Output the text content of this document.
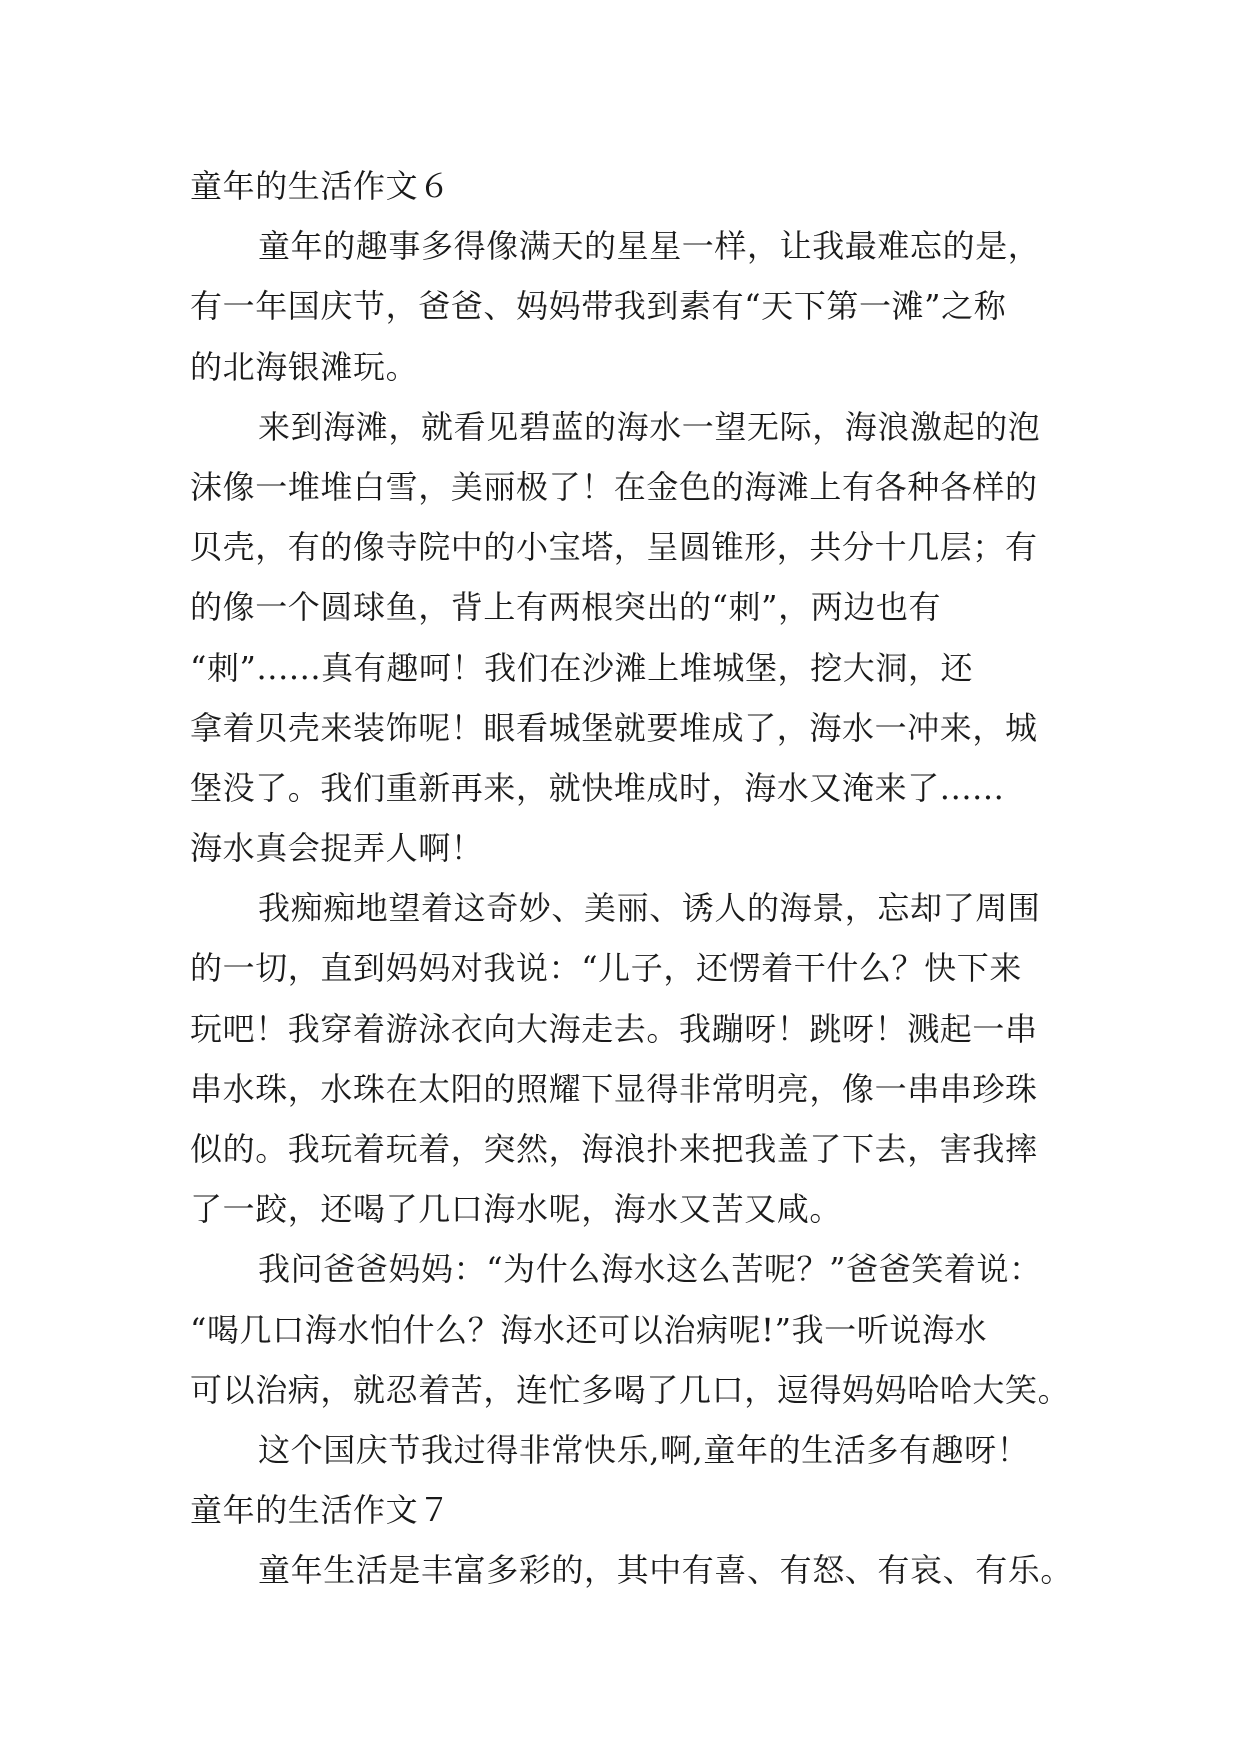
童年的生活作文６
童年的趣事多得像满天的星星一样，让我最难忘的是，
有一年国庆节，爸爸、妈妈带我到素有“天下第一滩”之称
的北海银滩玩。
来到海滩，就看见碧蓝的海水一望无际，海浪激起的泡
沫像一堆堆白雪，美丽极了！在金色的海滩上有各种各样的
贝壳，有的像寺院中的小宝塔，呈圆锥形，共分十几层；有
的像一个圆球鱼，背上有两根突出的“刺”，两边也有
“刺”......真有趣呵！我们在沙滩上堆城堡，挖大洞，还
拿着贝壳来装饰呢！眼看城堡就要堆成了，海水一冲来，城
堡没了。我们重新再来，就快堆成时，海水又淹来了......
海水真会捉弄人啊！
我痴痴地望着这奇妙、美丽、诱人的海景，忘却了周围
的一切，直到妈妈对我说：“儿子，还愣着干什么？快下来
玩吧！我穿着游泳衣向大海走去。我蹦呀！跳呀！溅起一串
串水珠，水珠在太阳的照耀下显得非常明亮，像一串串珍珠
似的。我玩着玩着，突然，海浪扑来把我盖了下去，害我摔
了一跤，还喝了几口海水呢，海水又苦又咸。
我问爸爸妈妈：“为什么海水这么苦呢？”爸爸笑着说：
“喝几口海水怕什么？海水还可以治病呢!”我一听说海水
可以治病，就忍着苦，连忙多喝了几口，逗得妈妈哈哈大笑。
这个国庆节我过得非常快乐,啊,童年的生活多有趣呀！
童年的生活作文７
童年生活是丰富多彩的，其中有喜、有怒、有哀、有乐。
